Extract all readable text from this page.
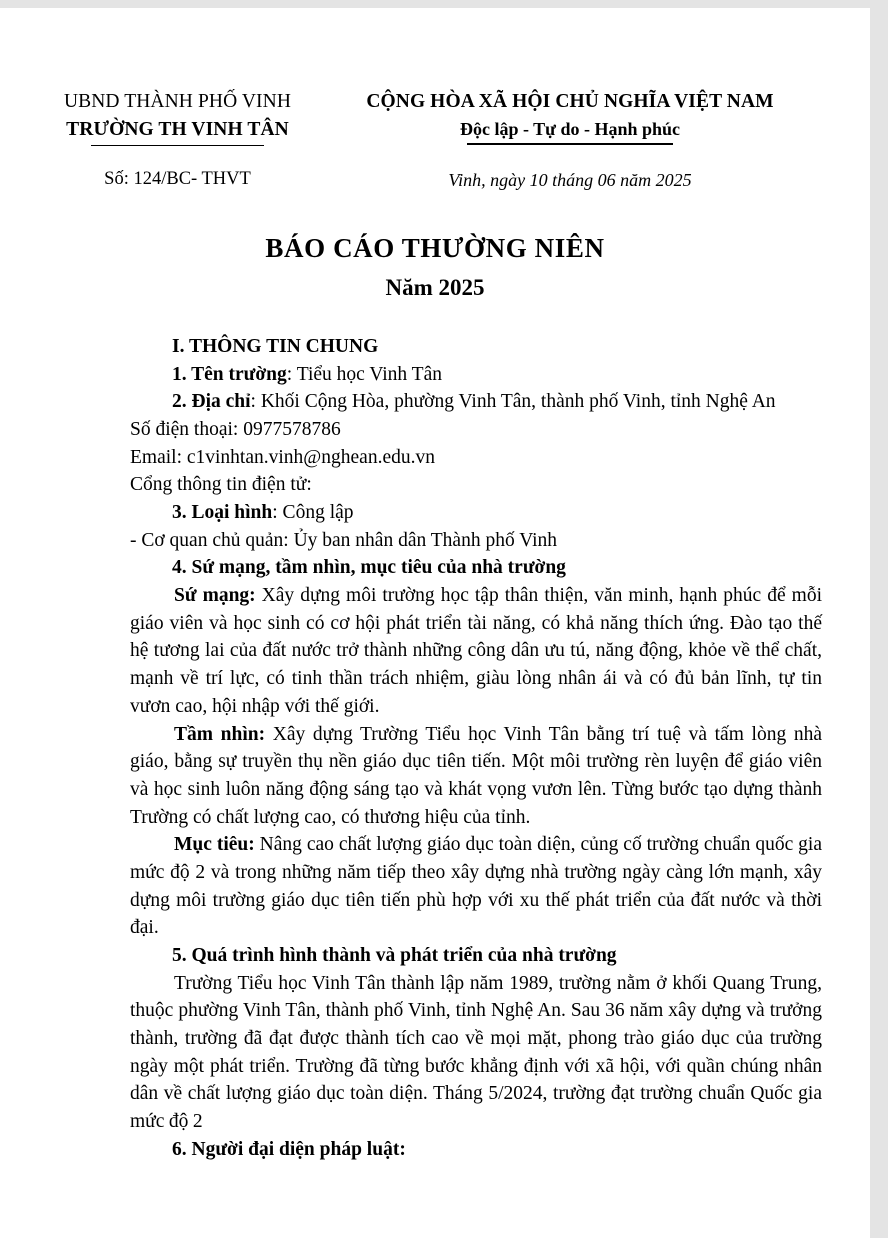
UBND THÀNH PHỐ VINH
TRƯỜNG TH VINH TÂN
Số: 124/BC- THVT
CỘNG HÒA XÃ HỘI CHỦ NGHĨA VIỆT NAM
Độc lập - Tự do - Hạnh phúc
Vinh, ngày 10 tháng 06 năm 2025
BÁO CÁO THƯỜNG NIÊN
Năm 2025
I. THÔNG TIN CHUNG
1. Tên trường: Tiểu học Vinh Tân
2. Địa chỉ: Khối Cộng Hòa, phường Vinh Tân, thành phố Vinh, tỉnh Nghệ An
Số điện thoại: 0977578786
Email: c1vinhtan.vinh@nghean.edu.vn
Cổng thông tin điện tử:
3. Loại hình: Công lập
- Cơ quan chủ quản: Ủy ban nhân dân Thành phố Vinh
4. Sứ mạng, tầm nhìn, mục tiêu của nhà trường

Sứ mạng: Xây dựng môi trường học tập thân thiện, văn minh, hạnh phúc để mỗi giáo viên và học sinh có cơ hội phát triển tài năng, có khả năng thích ứng. Đào tạo thế hệ tương lai của đất nước trở thành những công dân ưu tú, năng động, khỏe về thể chất, mạnh về trí lực, có tinh thần trách nhiệm, giàu lòng nhân ái và có đủ bản lĩnh, tự tin vươn cao, hội nhập với thế giới.

Tầm nhìn: Xây dựng Trường Tiểu học Vinh Tân bằng trí tuệ và tấm lòng nhà giáo, bằng sự truyền thụ nền giáo dục tiên tiến. Một môi trường rèn luyện để giáo viên và học sinh luôn năng động sáng tạo và khát vọng vươn lên. Từng bước tạo dựng thành Trường có chất lượng cao, có thương hiệu của tỉnh.

Mục tiêu: Nâng cao chất lượng giáo dục toàn diện, củng cố trường chuẩn quốc gia mức độ 2 và trong những năm tiếp theo xây dựng nhà trường ngày càng lớn mạnh, xây dựng môi trường giáo dục tiên tiến phù hợp với xu thế phát triển của đất nước và thời đại.

5. Quá trình hình thành và phát triển của nhà trường

Trường Tiểu học Vinh Tân thành lập năm 1989, trường nằm ở khối Quang Trung, thuộc phường Vinh Tân, thành phố Vinh, tỉnh Nghệ An. Sau 36 năm xây dựng và trưởng thành, trường đã đạt được thành tích cao về mọi mặt, phong trào giáo dục của trường ngày một phát triển. Trường đã từng bước khẳng định với xã hội, với quần chúng nhân dân về chất lượng giáo dục toàn diện. Tháng 5/2024, trường đạt trường chuẩn Quốc gia mức độ 2

6. Người đại diện pháp luật:
